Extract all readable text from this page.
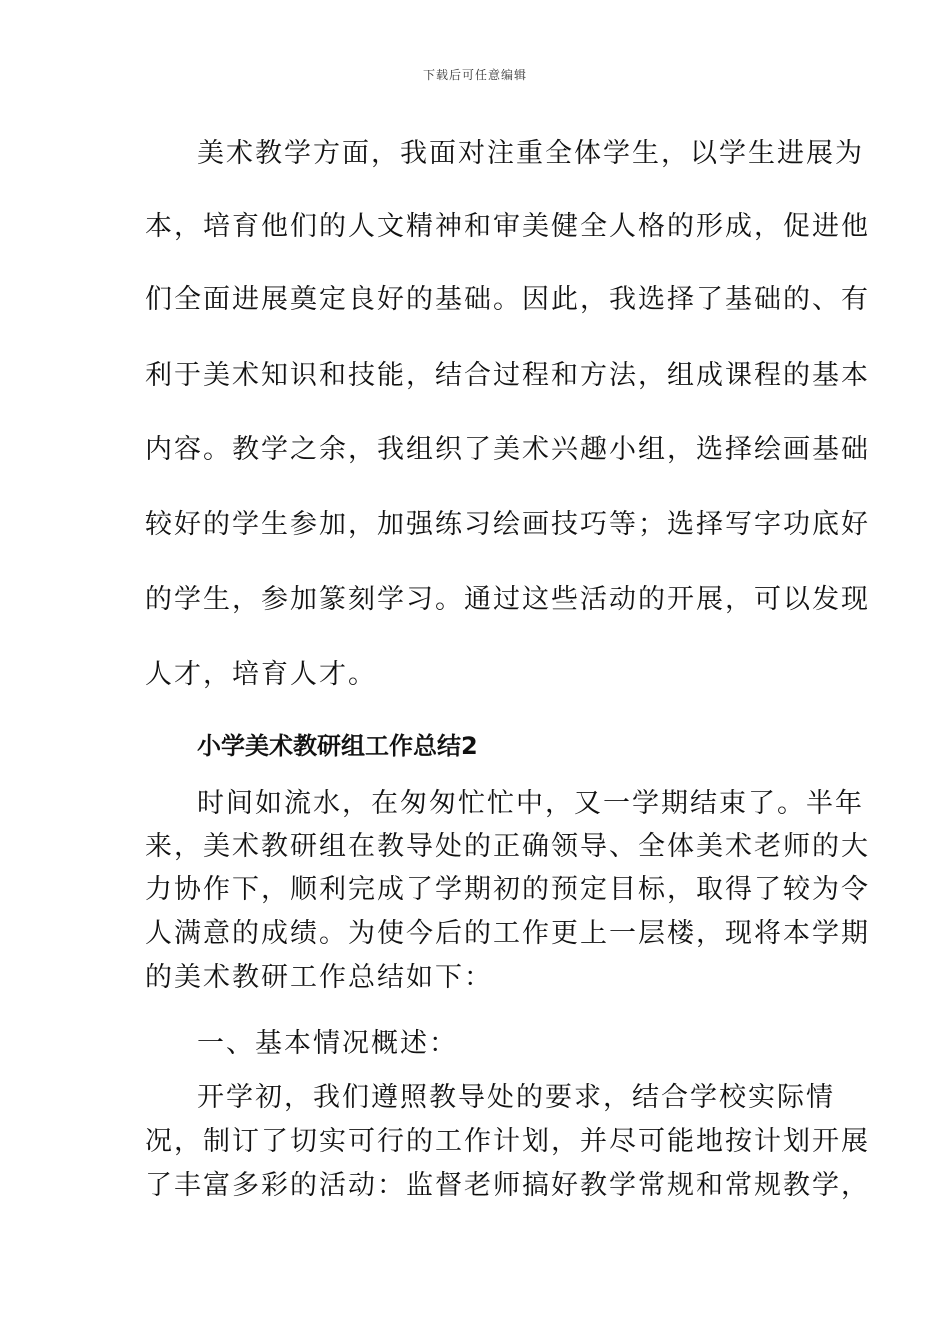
下载后可任意编辑
美术教学方面，我面对注重全体学生，以学生进展为
本，培育他们的人文精神和审美健全人格的形成，促进他
们全面进展奠定良好的基础。因此，我选择了基础的、有
利于美术知识和技能，结合过程和方法，组成课程的基本
内容。教学之余，我组织了美术兴趣小组，选择绘画基础
较好的学生参加，加强练习绘画技巧等；选择写字功底好
的学生，参加篆刻学习。通过这些活动的开展，可以发现
人才，培育人才。
小学美术教研组工作总结2
时间如流水，在匆匆忙忙中，又一学期结束了。半年
来，美术教研组在教导处的正确领导、全体美术老师的大
力协作下，顺利完成了学期初的预定目标，取得了较为令
人满意的成绩。为使今后的工作更上一层楼，现将本学期
的美术教研工作总结如下：
一、基本情况概述：
开学初，我们遵照教导处的要求，结合学校实际情
况，制订了切实可行的工作计划，并尽可能地按计划开展
了丰富多彩的活动：监督老师搞好教学常规和常规教学，
